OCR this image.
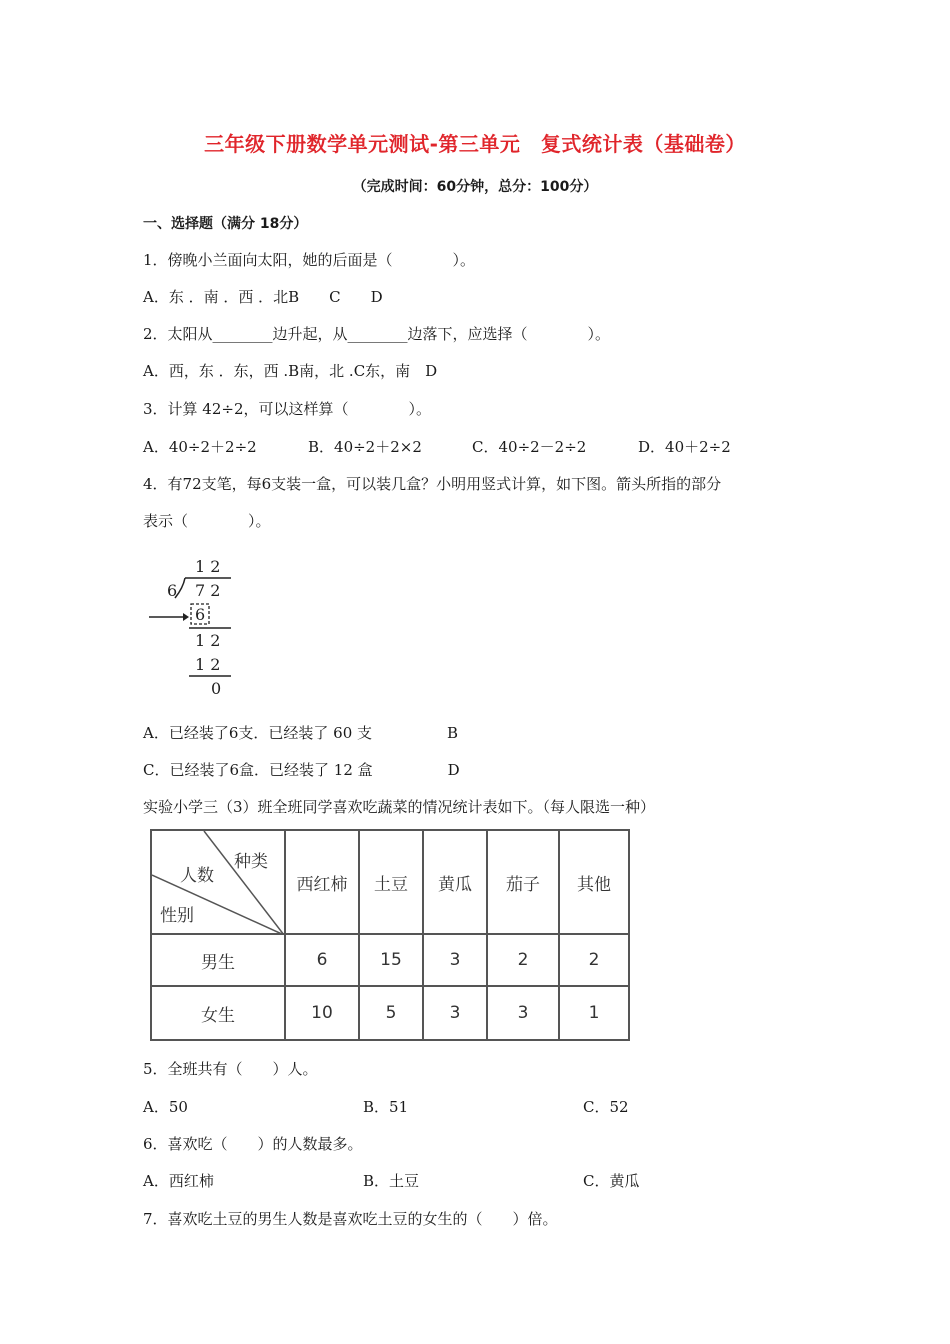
三年级下册数学单元测试-第三单元　复式统计表（基础卷）
（完成时间：60分钟，总分：100分）
一、选择题（满分 18分）
1．傍晚小兰面向太阳，她的后面是（　　　　）。
A．东 ．南 ．西 ．北B　　C　　D
2．太阳从________边升起，从________边落下，应选择（　　　　）。
A．西，东 ．东，西 .B南，北 .C东，南　D
3．计算 42÷2，可以这样算（　　　　）。
A．40÷2＋2÷2	B．40÷2＋2×2	C．40÷2－2÷2	D．40＋2÷2
4．有72支笔，每6支装一盒，可以装几盒？小明用竖式计算，如下图。箭头所指的部分
表示（　　　　）。
1 2
6 7 2
6
1 2
1 2
0
A．已经装了6支．已经装了 60 支　　　　　B
C．已经装了6盒．已经装了 12 盒　　　　　D
实验小学三（3）班全班同学喜欢吃蔬菜的情况统计表如下。（每人限选一种）
种类
人数
性别	西红柿	土豆	黄瓜	茄子	其他
男生	6	15	3	2	2
女生	10	5	3	3	1
5．全班共有（　　）人。
A．50	B．51	C．52
6．喜欢吃（　　）的人数最多。
A．西红柿	B．土豆	C．黄瓜
7．喜欢吃土豆的男生人数是喜欢吃土豆的女生的（　　）倍。
